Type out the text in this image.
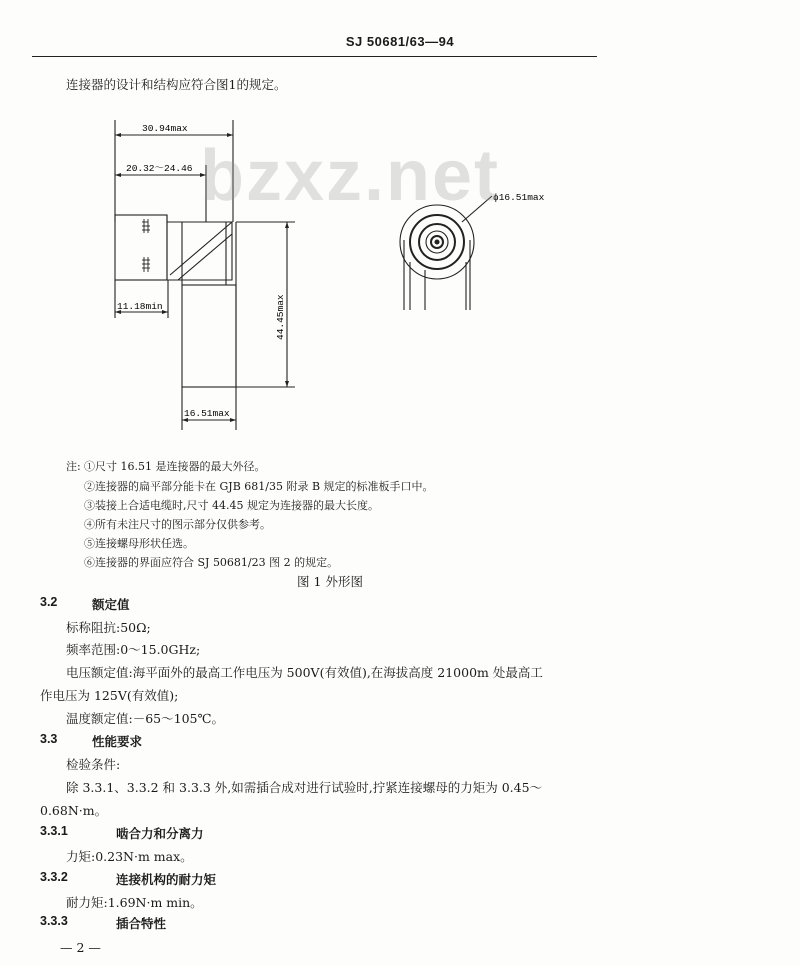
SJ 50681/63—94
连接器的设计和结构应符合图1的规定。
30.94max
20.32～24.46
11.18min	44.45max
16.51max
ϕ16.51max
bzxz.net
注: ①尺寸 16.51 是连接器的最大外径。
②连接器的扁平部分能卡在 GJB 681/35 附录 B 规定的标准板手口中。
③装接上合适电缆时,尺寸 44.45 规定为连接器的最大长度。
④所有未注尺寸的图示部分仅供参考。
⑤连接螺母形状任选。
⑥连接器的界面应符合 SJ 50681/23 图 2 的规定。
图 1 外形图
3.2	额定值
标称阻抗:50Ω;
频率范围:0～15.0GHz;
电压额定值:海平面外的最高工作电压为 500V(有效值),在海拔高度 21000m 处最高工
作电压为 125V(有效值);
温度额定值:－65～105℃。
3.3	性能要求
检验条件:
除 3.3.1、3.3.2 和 3.3.3 外,如需插合成对进行试验时,拧紧连接螺母的力矩为 0.45～
0.68N·m。
3.3.1	啮合力和分离力
力矩:0.23N·m max。
3.3.2	连接机构的耐力矩
耐力矩:1.69N·m min。
3.3.3	插合特性
— 2 —
